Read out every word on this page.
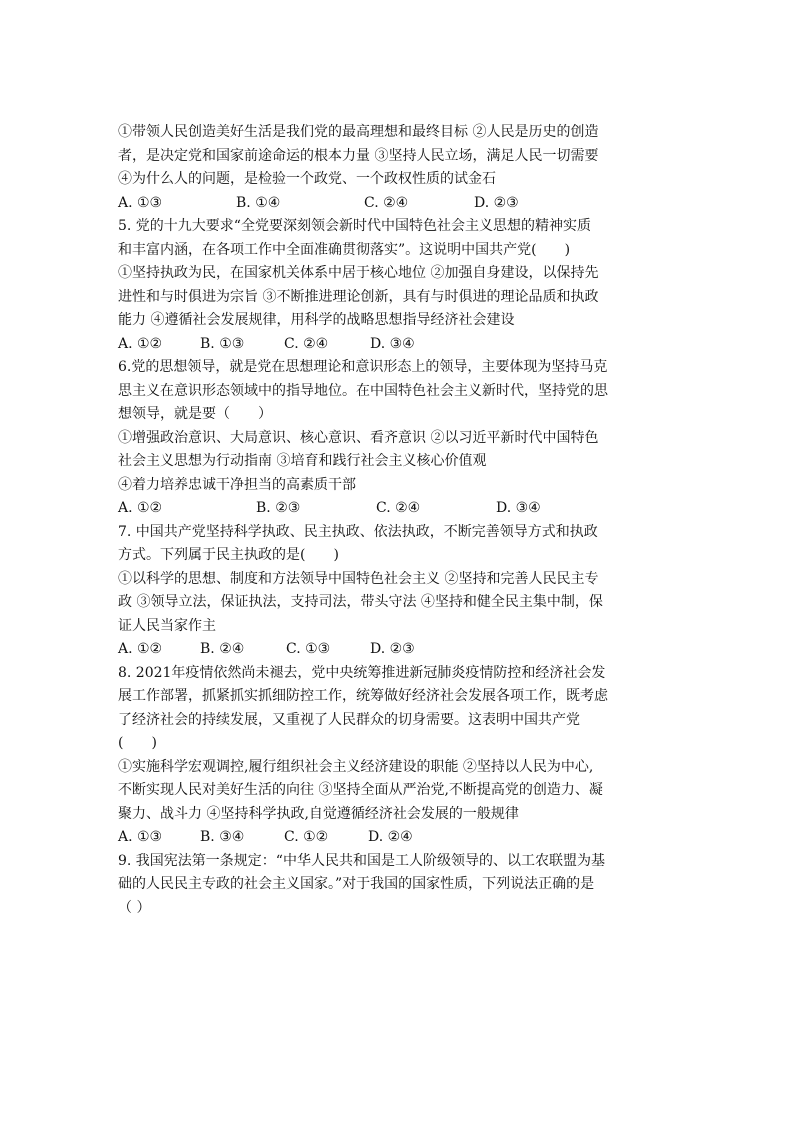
①带领人民创造美好生活是我们党的最高理想和最终目标 ②人民是历史的创造
者，是决定党和国家前途命运的根本力量 ③坚持人民立场，满足人民一切需要
④为什么人的问题，是检验一个政党、一个政权性质的试金石
A. ①③	B. ①④	C. ②④	D. ②③
5. 党的十九大要求“全党要深刻领会新时代中国特色社会主义思想的精神实质
和丰富内涵，在各项工作中全面准确贯彻落实”。这说明中国共产党(　　)
①坚持执政为民，在国家机关体系中居于核心地位 ②加强自身建设，以保持先
进性和与时俱进为宗旨 ③不断推进理论创新，具有与时俱进的理论品质和执政
能力 ④遵循社会发展规律，用科学的战略思想指导经济社会建设
A. ①②	B. ①③	C. ②④	D. ③④
6.党的思想领导，就是党在思想理论和意识形态上的领导，主要体现为坚持马克
思主义在意识形态领域中的指导地位。在中国特色社会主义新时代，坚持党的思
想领导，就是要（　　）
①增强政治意识、大局意识、核心意识、看齐意识 ②以习近平新时代中国特色
社会主义思想为行动指南 ③培育和践行社会主义核心价值观
④着力培养忠诚干净担当的高素质干部
A. ①②	B. ②③	C. ②④	D. ③④
7. 中国共产党坚持科学执政、民主执政、依法执政，不断完善领导方式和执政
方式。下列属于民主执政的是(　　)
①以科学的思想、制度和方法领导中国特色社会主义 ②坚持和完善人民民主专
政 ③领导立法，保证执法，支持司法，带头守法 ④坚持和健全民主集中制，保
证人民当家作主
A. ①②	B. ②④	C. ①③	D. ②③
8. 2021年疫情依然尚未褪去，党中央统筹推进新冠肺炎疫情防控和经济社会发
展工作部署，抓紧抓实抓细防控工作，统筹做好经济社会发展各项工作，既考虑
了经济社会的持续发展，又重视了人民群众的切身需要。这表明中国共产党
(　　)
①实施科学宏观调控,履行组织社会主义经济建设的职能 ②坚持以人民为中心,
不断实现人民对美好生活的向往 ③坚持全面从严治党,不断提高党的创造力、凝
聚力、战斗力 ④坚持科学执政,自觉遵循经济社会发展的一般规律
A. ①③	B. ③④	C. ①②	D. ②④
9. 我国宪法第一条规定：“中华人民共和国是工人阶级领导的、以工农联盟为基
础的人民民主专政的社会主义国家。”对于我国的国家性质，下列说法正确的是
（ ）
